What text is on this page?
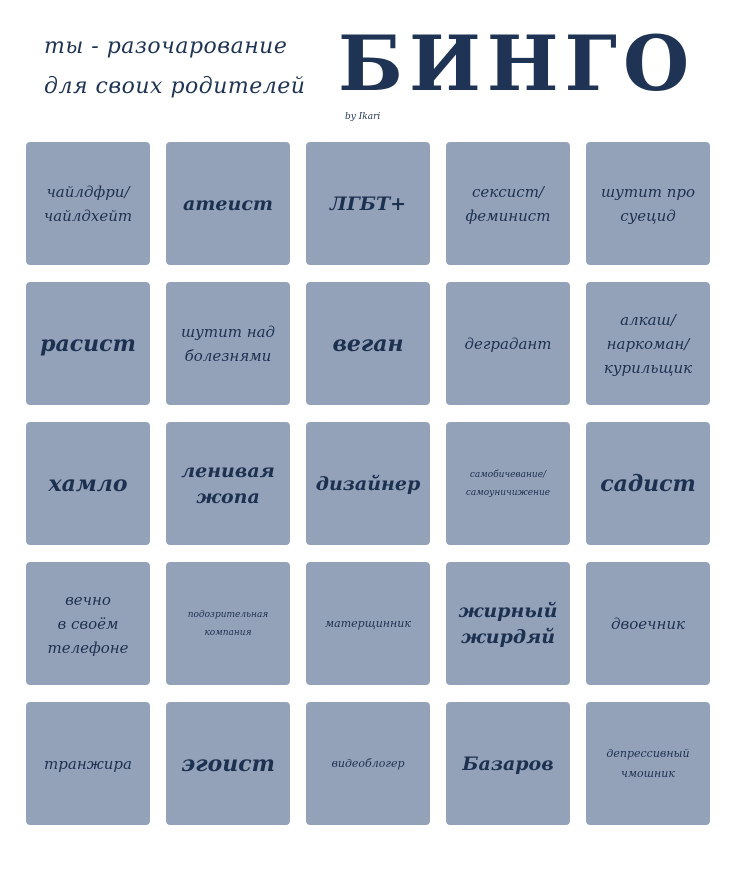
ты - разочарование
для своих родителей БИНГО
by Ikari
чайлдфри/
чайлдхейт
атеист	ЛГБТ+
сексист/
феминист
шутит про
суецид
расист	шутит над
болезнями	веган	деградант
алкаш/
наркоман/
курильщик
хамло	ленивая
жопа
дизайнер	самобичевание/
самоуничижение садист
вечно
в своём
телефоне
подозрительная
компания
матерщинник
жирный
жирдяй
двоечник
транжира эгоист	видеоблогер	Базаров	депрессивный
чмошник
